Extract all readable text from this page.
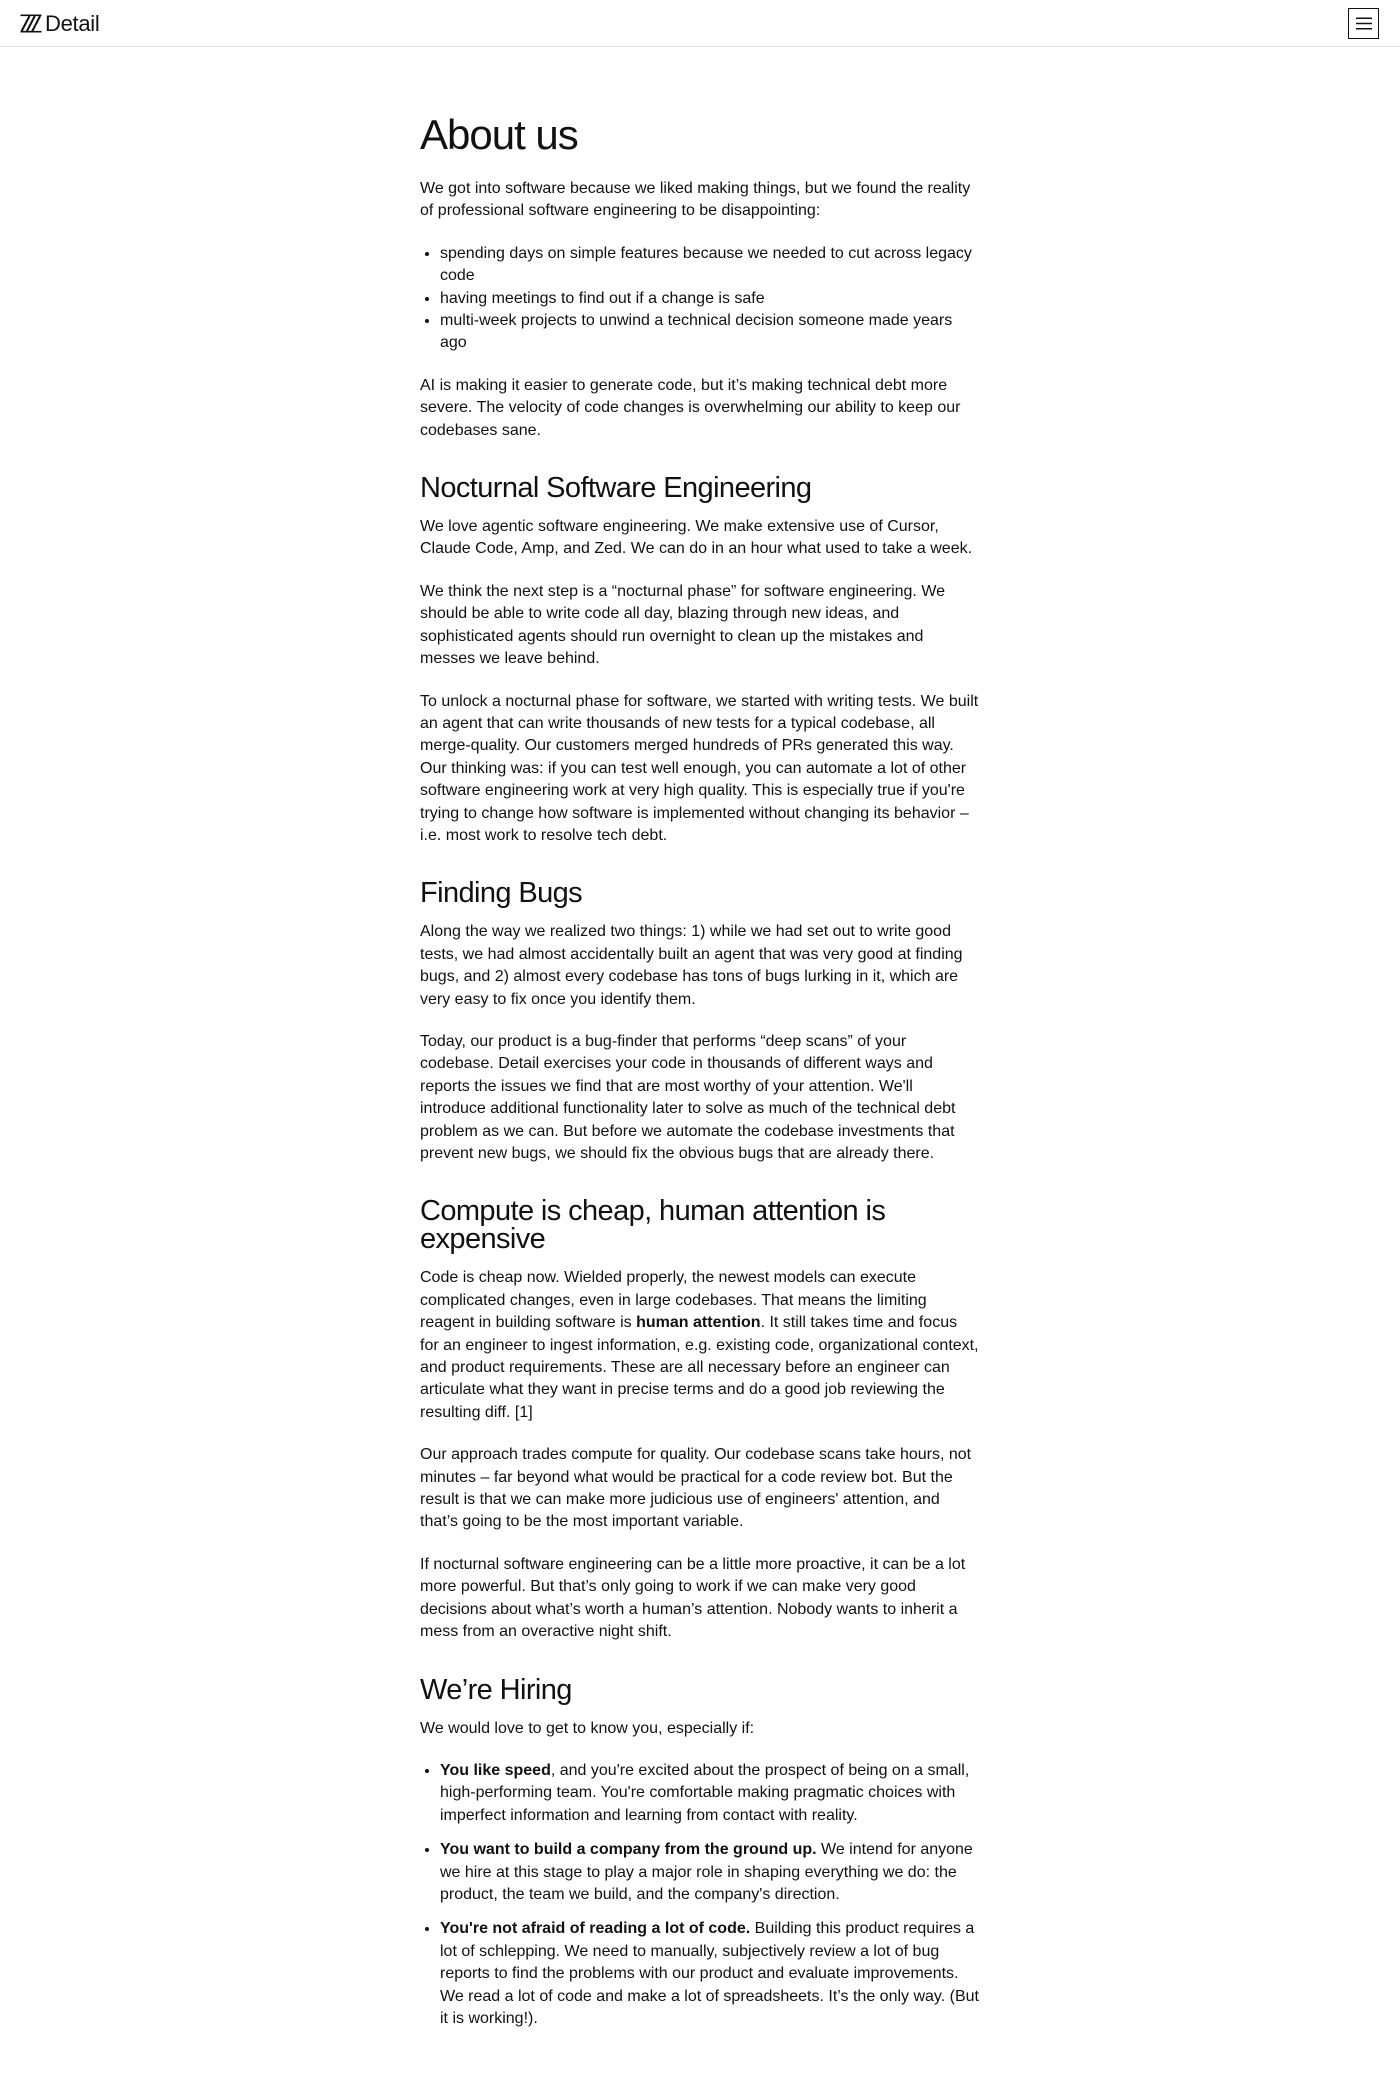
Detail
About us

We got into software because we liked making things, but we found the reality of professional software engineering to be disappointing:

• spending days on simple features because we needed to cut across legacy code
• having meetings to find out if a change is safe
• multi-week projects to unwind a technical decision someone made years ago

AI is making it easier to generate code, but it’s making technical debt more severe. The velocity of code changes is overwhelming our ability to keep our codebases sane.

Nocturnal Software Engineering

We love agentic software engineering. We make extensive use of Cursor, Claude Code, Amp, and Zed. We can do in an hour what used to take a week.

We think the next step is a “nocturnal phase” for software engineering. We should be able to write code all day, blazing through new ideas, and sophisticated agents should run overnight to clean up the mistakes and messes we leave behind.

To unlock a nocturnal phase for software, we started with writing tests. We built an agent that can write thousands of new tests for a typical codebase, all merge-quality. Our customers merged hundreds of PRs generated this way. Our thinking was: if you can test well enough, you can automate a lot of other software engineering work at very high quality. This is especially true if you're trying to change how software is implemented without changing its behavior – i.e. most work to resolve tech debt.

Finding Bugs

Along the way we realized two things: 1) while we had set out to write good tests, we had almost accidentally built an agent that was very good at finding bugs, and 2) almost every codebase has tons of bugs lurking in it, which are very easy to fix once you identify them.

Today, our product is a bug-finder that performs “deep scans” of your codebase. Detail exercises your code in thousands of different ways and reports the issues we find that are most worthy of your attention. We'll introduce additional functionality later to solve as much of the technical debt problem as we can. But before we automate the codebase investments that prevent new bugs, we should fix the obvious bugs that are already there.

Compute is cheap, human attention is expensive

Code is cheap now. Wielded properly, the newest models can execute complicated changes, even in large codebases. That means the limiting reagent in building software is human attention. It still takes time and focus for an engineer to ingest information, e.g. existing code, organizational context, and product requirements. These are all necessary before an engineer can articulate what they want in precise terms and do a good job reviewing the resulting diff. [1]

Our approach trades compute for quality. Our codebase scans take hours, not minutes – far beyond what would be practical for a code review bot. But the result is that we can make more judicious use of engineers' attention, and that’s going to be the most important variable.

If nocturnal software engineering can be a little more proactive, it can be a lot more powerful. But that’s only going to work if we can make very good decisions about what’s worth a human’s attention. Nobody wants to inherit a mess from an overactive night shift.

We’re Hiring

We would love to get to know you, especially if:

• You like speed, and you're excited about the prospect of being on a small, high-performing team. You're comfortable making pragmatic choices with imperfect information and learning from contact with reality.
• You want to build a company from the ground up. We intend for anyone we hire at this stage to play a major role in shaping everything we do: the product, the team we build, and the company's direction.
• You're not afraid of reading a lot of code. Building this product requires a lot of schlepping. We need to manually, subjectively review a lot of bug reports to find the problems with our product and evaluate improvements. We read a lot of code and make a lot of spreadsheets. It’s the only way. (But it is working!).
